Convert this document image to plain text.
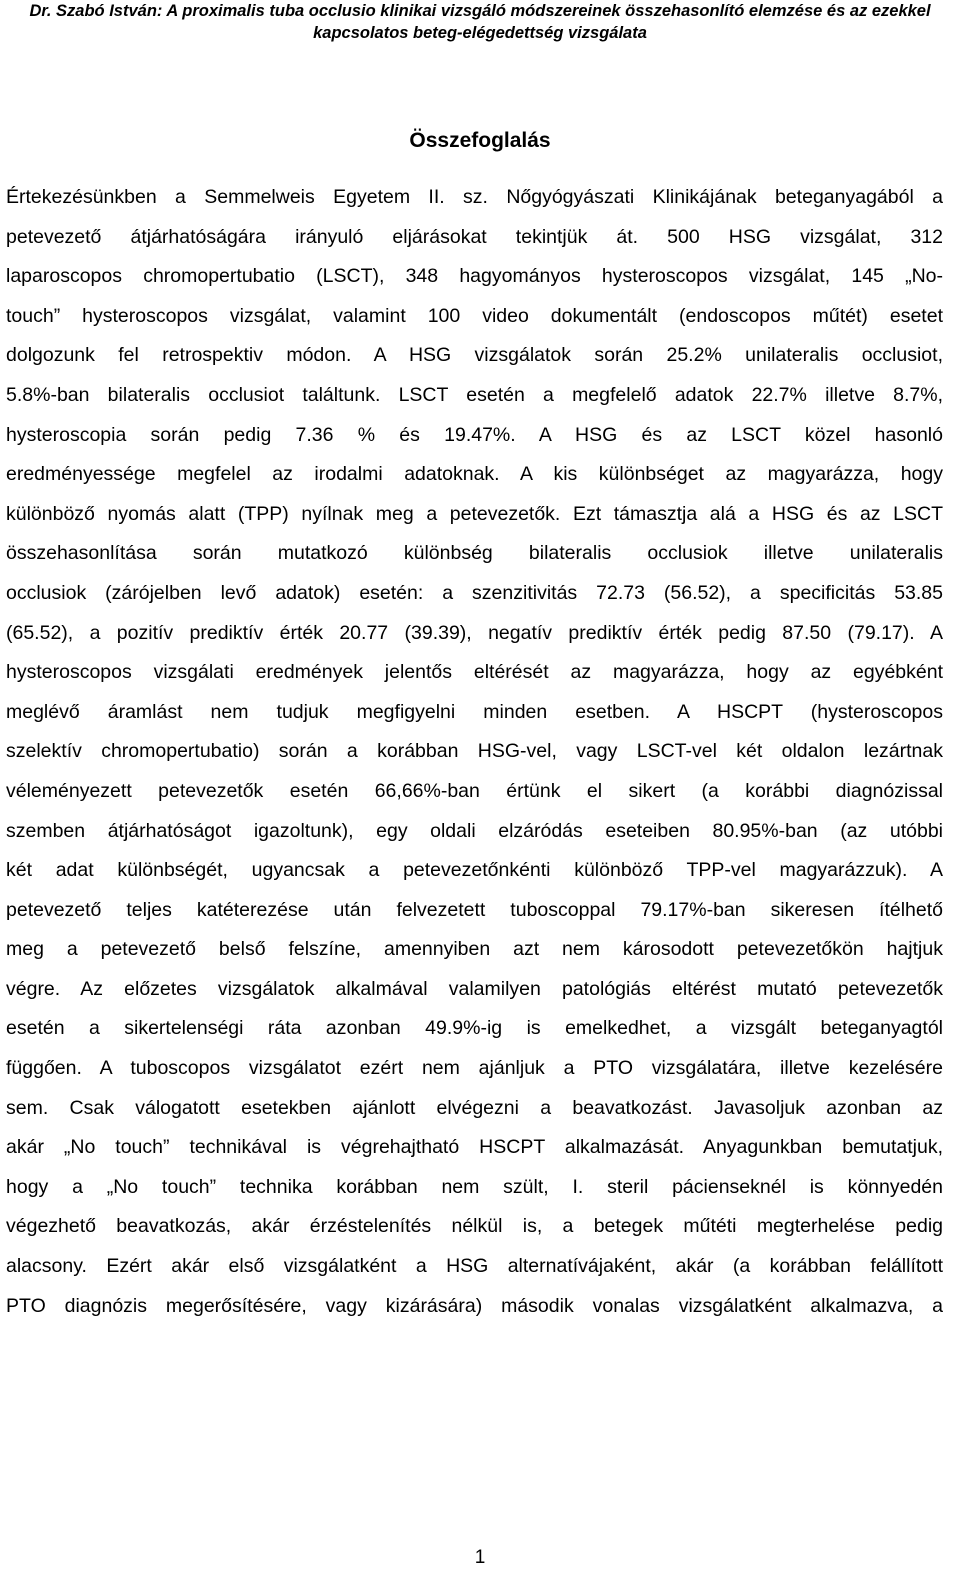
Dr. Szabó István: A proximalis tuba occlusio klinikai vizsgáló módszereinek összehasonlító elemzése és az ezekkel
kapcsolatos beteg-elégedettség vizsgálata
Összefoglalás
Értekezésünkben a Semmelweis Egyetem II. sz. Nőgyógyászati Klinikájának beteganyagából a
petevezető átjárhatóságára irányuló eljárásokat tekintjük át. 500 HSG vizsgálat, 312
laparoscopos chromopertubatio (LSCT), 348 hagyományos hysteroscopos vizsgálat, 145 „No-
touch” hysteroscopos vizsgálat, valamint 100 video dokumentált (endoscopos műtét) esetet
dolgozunk fel retrospektiv módon. A HSG vizsgálatok során 25.2% unilateralis occlusiot,
5.8%-ban bilateralis occlusiot találtunk. LSCT esetén a megfelelő adatok 22.7% illetve 8.7%,
hysteroscopia során pedig 7.36 % és 19.47%. A HSG és az LSCT közel hasonló
eredményessége megfelel az irodalmi adatoknak. A kis különbséget az magyarázza, hogy
különböző nyomás alatt (TPP) nyílnak meg a petevezetők. Ezt támasztja alá a HSG és az LSCT
összehasonlítása során mutatkozó különbség bilateralis occlusiok illetve unilateralis
occlusiok (zárójelben levő adatok) esetén: a szenzitivitás 72.73 (56.52), a specificitás 53.85
(65.52), a pozitív prediktív érték 20.77 (39.39), negatív prediktív érték pedig 87.50 (79.17). A
hysteroscopos vizsgálati eredmények jelentős eltérését az magyarázza, hogy az egyébként
meglévő áramlást nem tudjuk megfigyelni minden esetben. A HSCPT (hysteroscopos
szelektív chromopertubatio) során a korábban HSG-vel, vagy LSCT-vel két oldalon lezártnak
véleményezett petevezetők esetén 66,66%-ban értünk el sikert (a korábbi diagnózissal
szemben átjárhatóságot igazoltunk), egy oldali elzáródás eseteiben 80.95%-ban (az utóbbi
két adat különbségét, ugyancsak a petevezetőnkénti különböző TPP-vel magyarázzuk). A
petevezető teljes katéterezése után felvezetett tuboscoppal 79.17%-ban sikeresen ítélhető
meg a petevezető belső felszíne, amennyiben azt nem károsodott petevezetőkön hajtjuk
végre. Az előzetes vizsgálatok alkalmával valamilyen patológiás eltérést mutató petevezetők
esetén a sikertelenségi ráta azonban 49.9%-ig is emelkedhet, a vizsgált beteganyagtól
függően. A tuboscopos vizsgálatot ezért nem ajánljuk a PTO vizsgálatára, illetve kezelésére
sem. Csak válogatott esetekben ajánlott elvégezni a beavatkozást. Javasoljuk azonban az
akár „No touch” technikával is végrehajtható HSCPT alkalmazását. Anyagunkban bemutatjuk,
hogy a „No touch” technika korábban nem szült, I. steril pácienseknél is könnyedén
végezhető beavatkozás, akár érzéstelenítés nélkül is, a betegek műtéti megterhelése pedig
alacsony. Ezért akár első vizsgálatként a HSG alternatívájaként, akár (a korábban felállított
PTO diagnózis megerősítésére, vagy kizárására) második vonalas vizsgálatként alkalmazva, a
1
